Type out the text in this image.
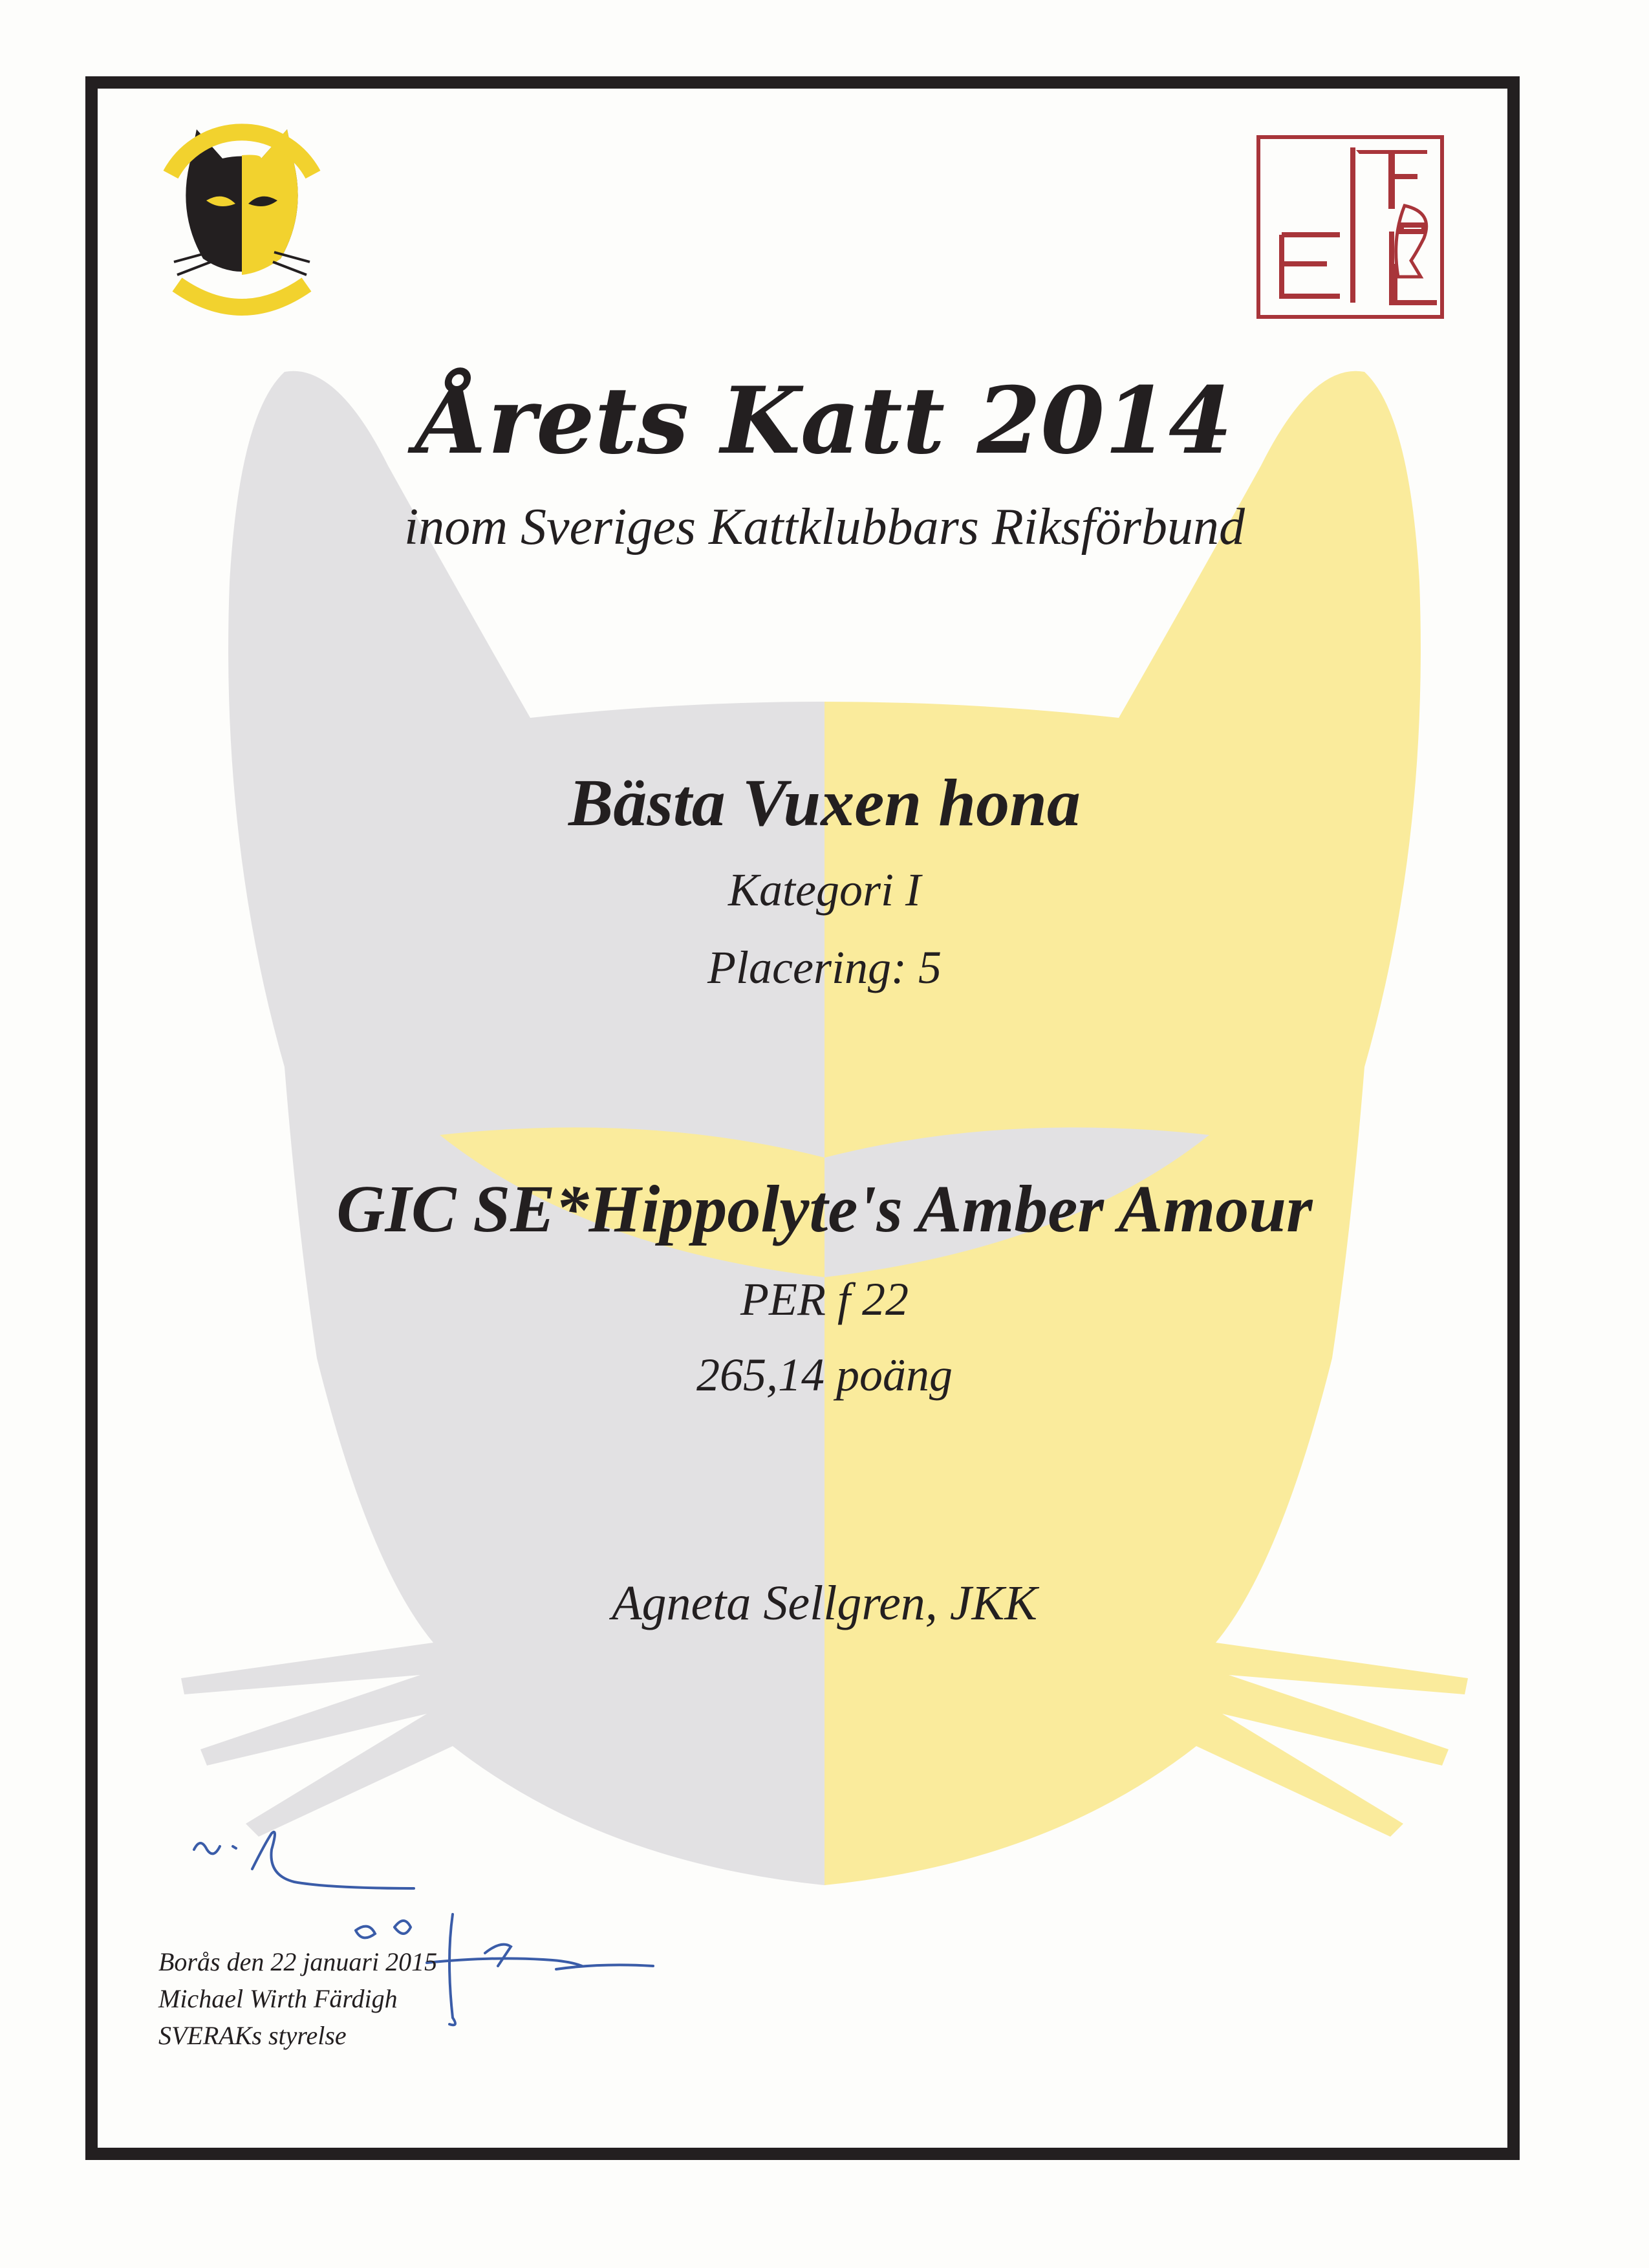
Årets Katt 2014
inom Sveriges Kattklubbars Riksförbund
Bästa Vuxen hona
Kategori I
Placering: 5
GIC SE*Hippolyte's Amber Amour
PER f 22
265,14 poäng
Agneta Sellgren, JKK
Borås den 22 januari 2015
Michael Wirth Färdigh
SVERAKs styrelse
